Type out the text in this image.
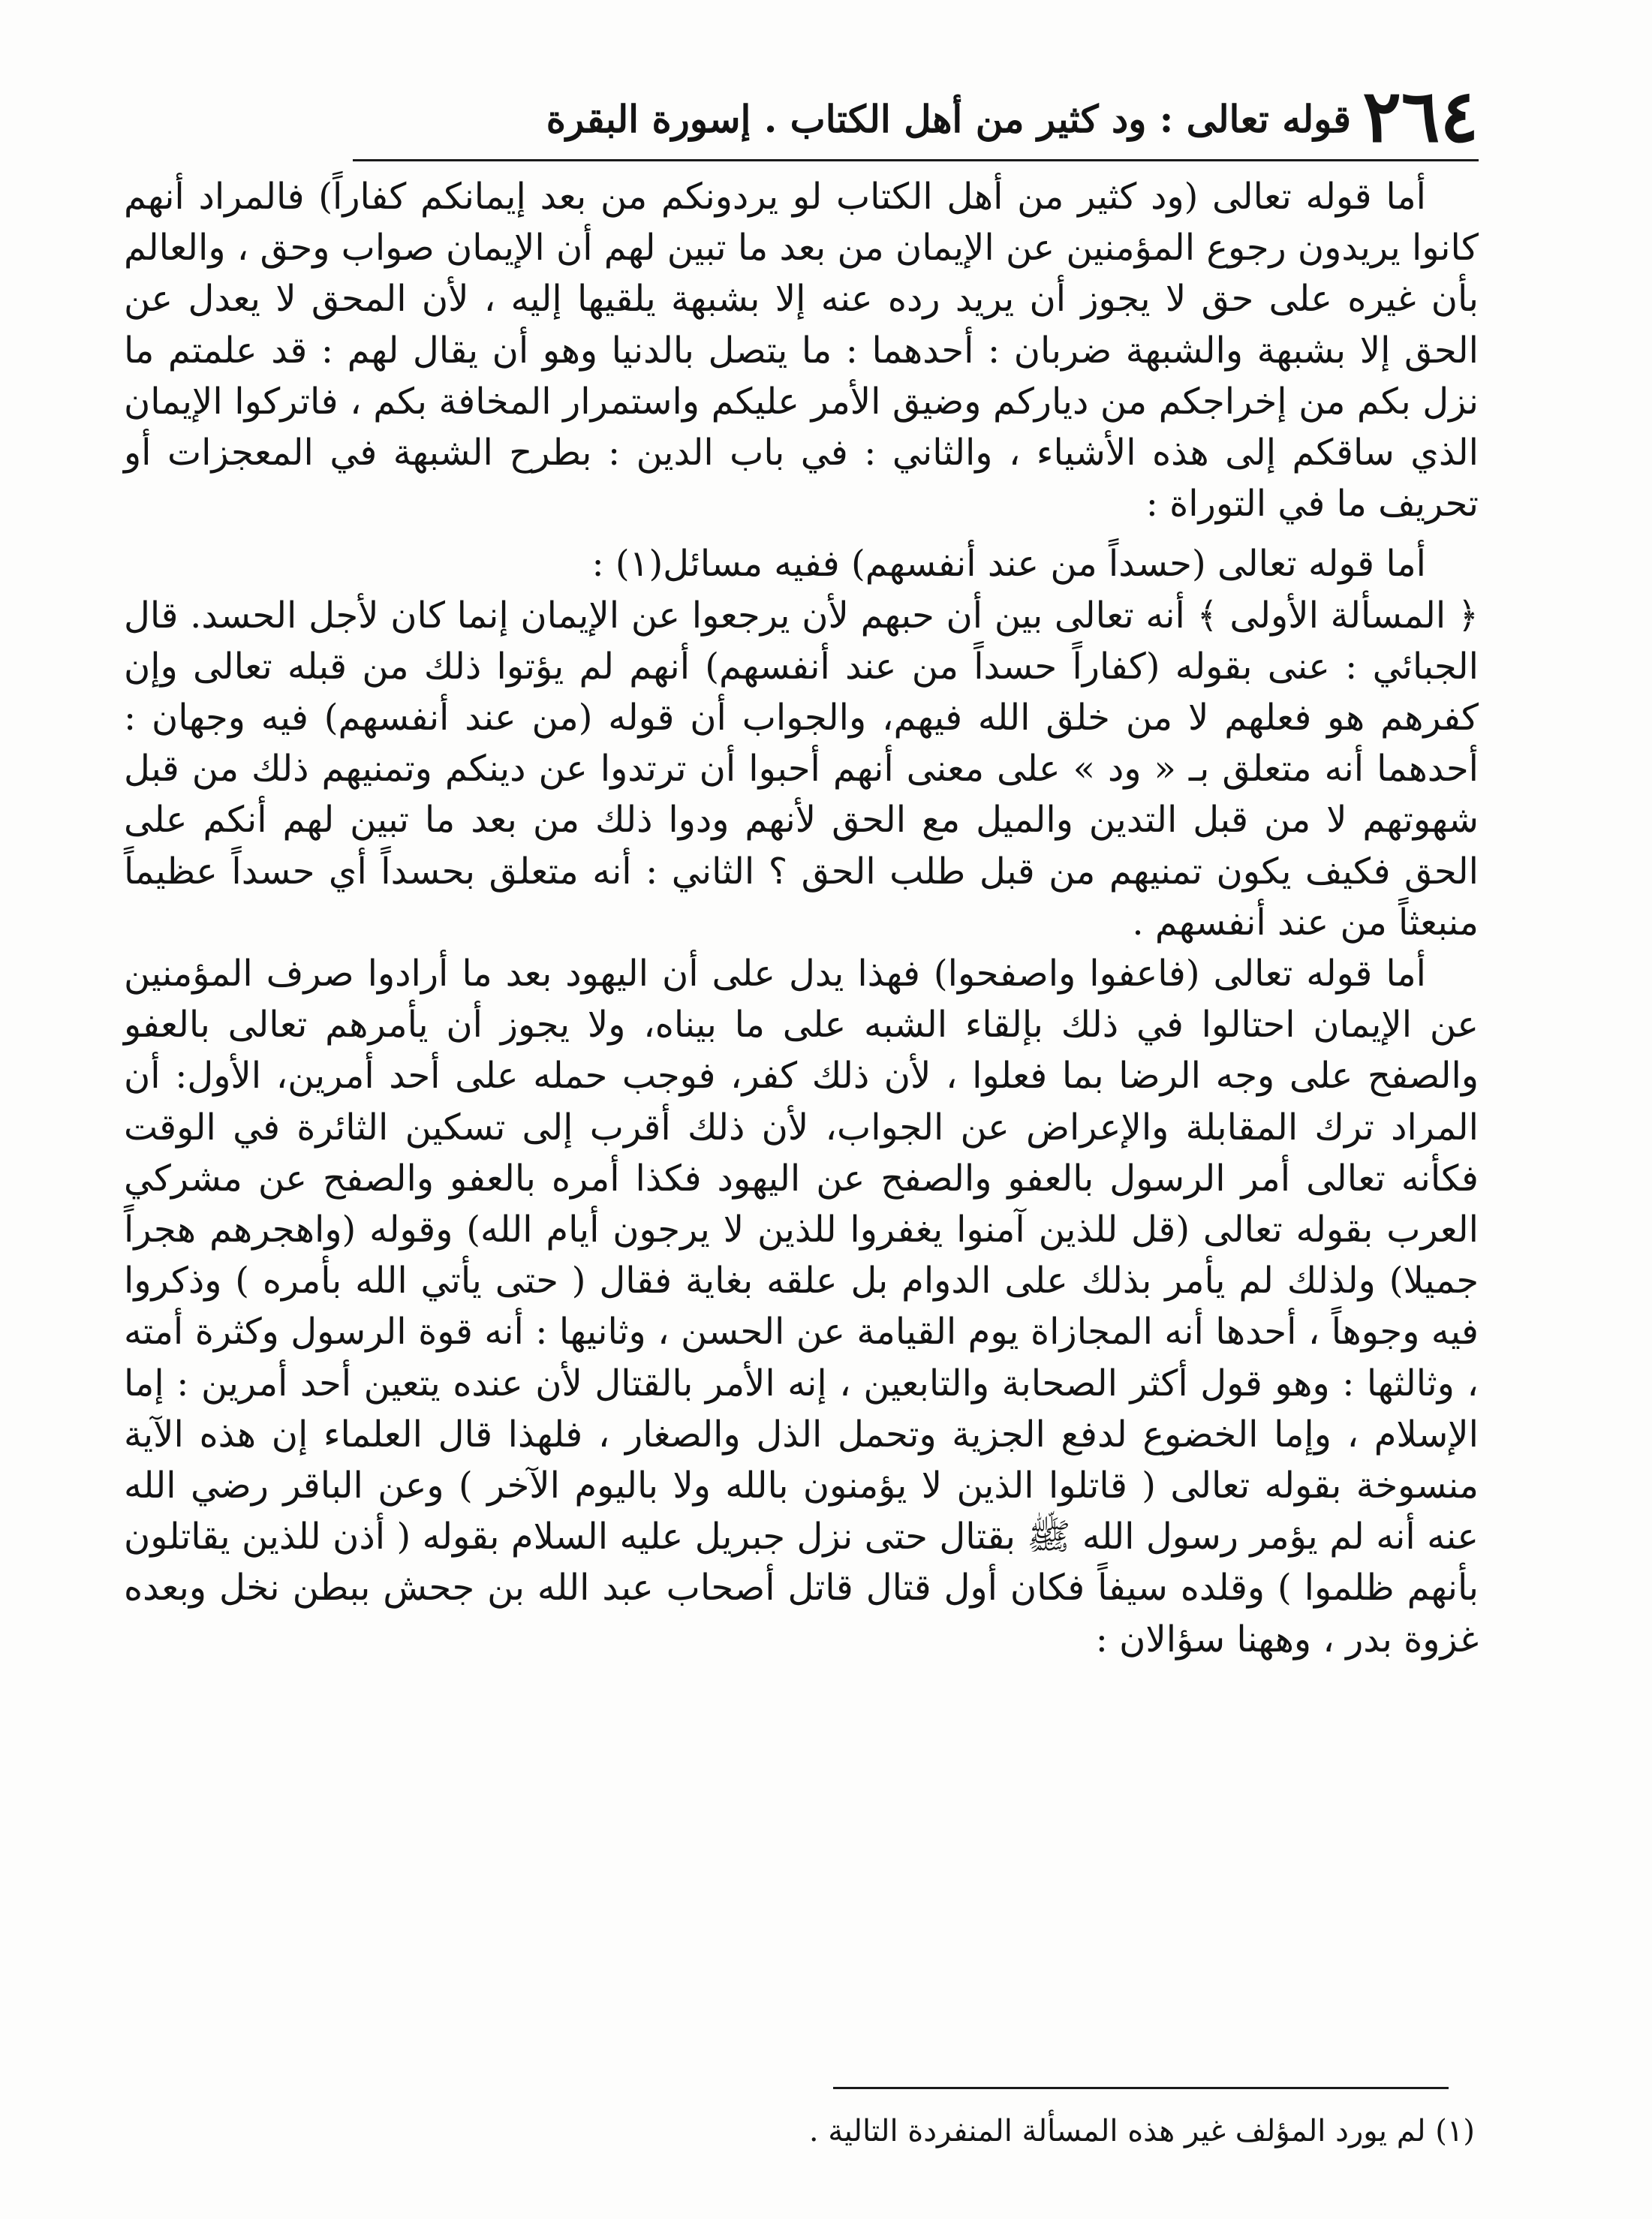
٢٦٤
قوله تعالى : ود كثير من أهل الكتاب . إسورة البقرة

أما قوله تعالى (ود كثير من أهل الكتاب لو يردونكم من بعد إيمانكم كفاراً) فالمراد أنهم كانوا يريدون رجوع المؤمنين عن الإيمان من بعد ما تبين لهم أن الإيمان صواب وحق ، والعالم بأن غيره على حق لا يجوز أن يريد رده عنه إلا بشبهة يلقيها إليه ، لأن المحق لا يعدل عن الحق إلا بشبهة والشبهة ضربان : أحدهما : ما يتصل بالدنيا وهو أن يقال لهم : قد علمتم ما نزل بكم من إخراجكم من دياركم وضيق الأمر عليكم واستمرار المخافة بكم ، فاتركوا الإيمان الذي ساقكم إلى هذه الأشياء ، والثاني : في باب الدين : بطرح الشبهة في المعجزات أو تحريف ما في التوراة :

أما قوله تعالى (حسداً من عند أنفسهم) ففيه مسائل(١) :

﴿ المسألة الأولى ﴾ أنه تعالى بين أن حبهم لأن يرجعوا عن الإيمان إنما كان لأجل الحسد. قال الجبائي : عنى بقوله (كفاراً حسداً من عند أنفسهم) أنهم لم يؤتوا ذلك من قبله تعالى وإن كفرهم هو فعلهم لا من خلق الله فيهم، والجواب أن قوله (من عند أنفسهم) فيه وجهان : أحدهما أنه متعلق بـ « ود » على معنى أنهم أحبوا أن ترتدوا عن دينكم وتمنيهم ذلك من قبل شهوتهم لا من قبل التدين والميل مع الحق لأنهم ودوا ذلك من بعد ما تبين لهم أنكم على الحق فكيف يكون تمنيهم من قبل طلب الحق ؟ الثاني : أنه متعلق بحسداً أي حسداً عظيماً منبعثاً من عند أنفسهم .

أما قوله تعالى (فاعفوا واصفحوا) فهذا يدل على أن اليهود بعد ما أرادوا صرف المؤمنين عن الإيمان احتالوا في ذلك بإلقاء الشبه على ما بيناه، ولا يجوز أن يأمرهم تعالى بالعفو والصفح على وجه الرضا بما فعلوا ، لأن ذلك كفر، فوجب حمله على أحد أمرين، الأول: أن المراد ترك المقابلة والإعراض عن الجواب، لأن ذلك أقرب إلى تسكين الثائرة في الوقت فكأنه تعالى أمر الرسول بالعفو والصفح عن اليهود فكذا أمره بالعفو والصفح عن مشركي العرب بقوله تعالى (قل للذين آمنوا يغفروا للذين لا يرجون أيام الله) وقوله (واهجرهم هجراً جميلا) ولذلك لم يأمر بذلك على الدوام بل علقه بغاية فقال ( حتى يأتي الله بأمره ) وذكروا فيه وجوهاً ، أحدها أنه المجازاة يوم القيامة عن الحسن ، وثانيها : أنه قوة الرسول وكثرة أمته ، وثالثها : وهو قول أكثر الصحابة والتابعين ، إنه الأمر بالقتال لأن عنده يتعين أحد أمرين : إما الإسلام ، وإما الخضوع لدفع الجزية وتحمل الذل والصغار ، فلهذا قال العلماء إن هذه الآية منسوخة بقوله تعالى ( قاتلوا الذين لا يؤمنون بالله ولا باليوم الآخر ) وعن الباقر رضي الله عنه أنه لم يؤمر رسول الله ﷺ بقتال حتى نزل جبريل عليه السلام بقوله ( أذن للذين يقاتلون بأنهم ظلموا ) وقلده سيفاً فكان أول قتال قاتل أصحاب عبد الله بن جحش ببطن نخل وبعده غزوة بدر ، وههنا سؤالان :

(١) لم يورد المؤلف غير هذه المسألة المنفردة التالية .
